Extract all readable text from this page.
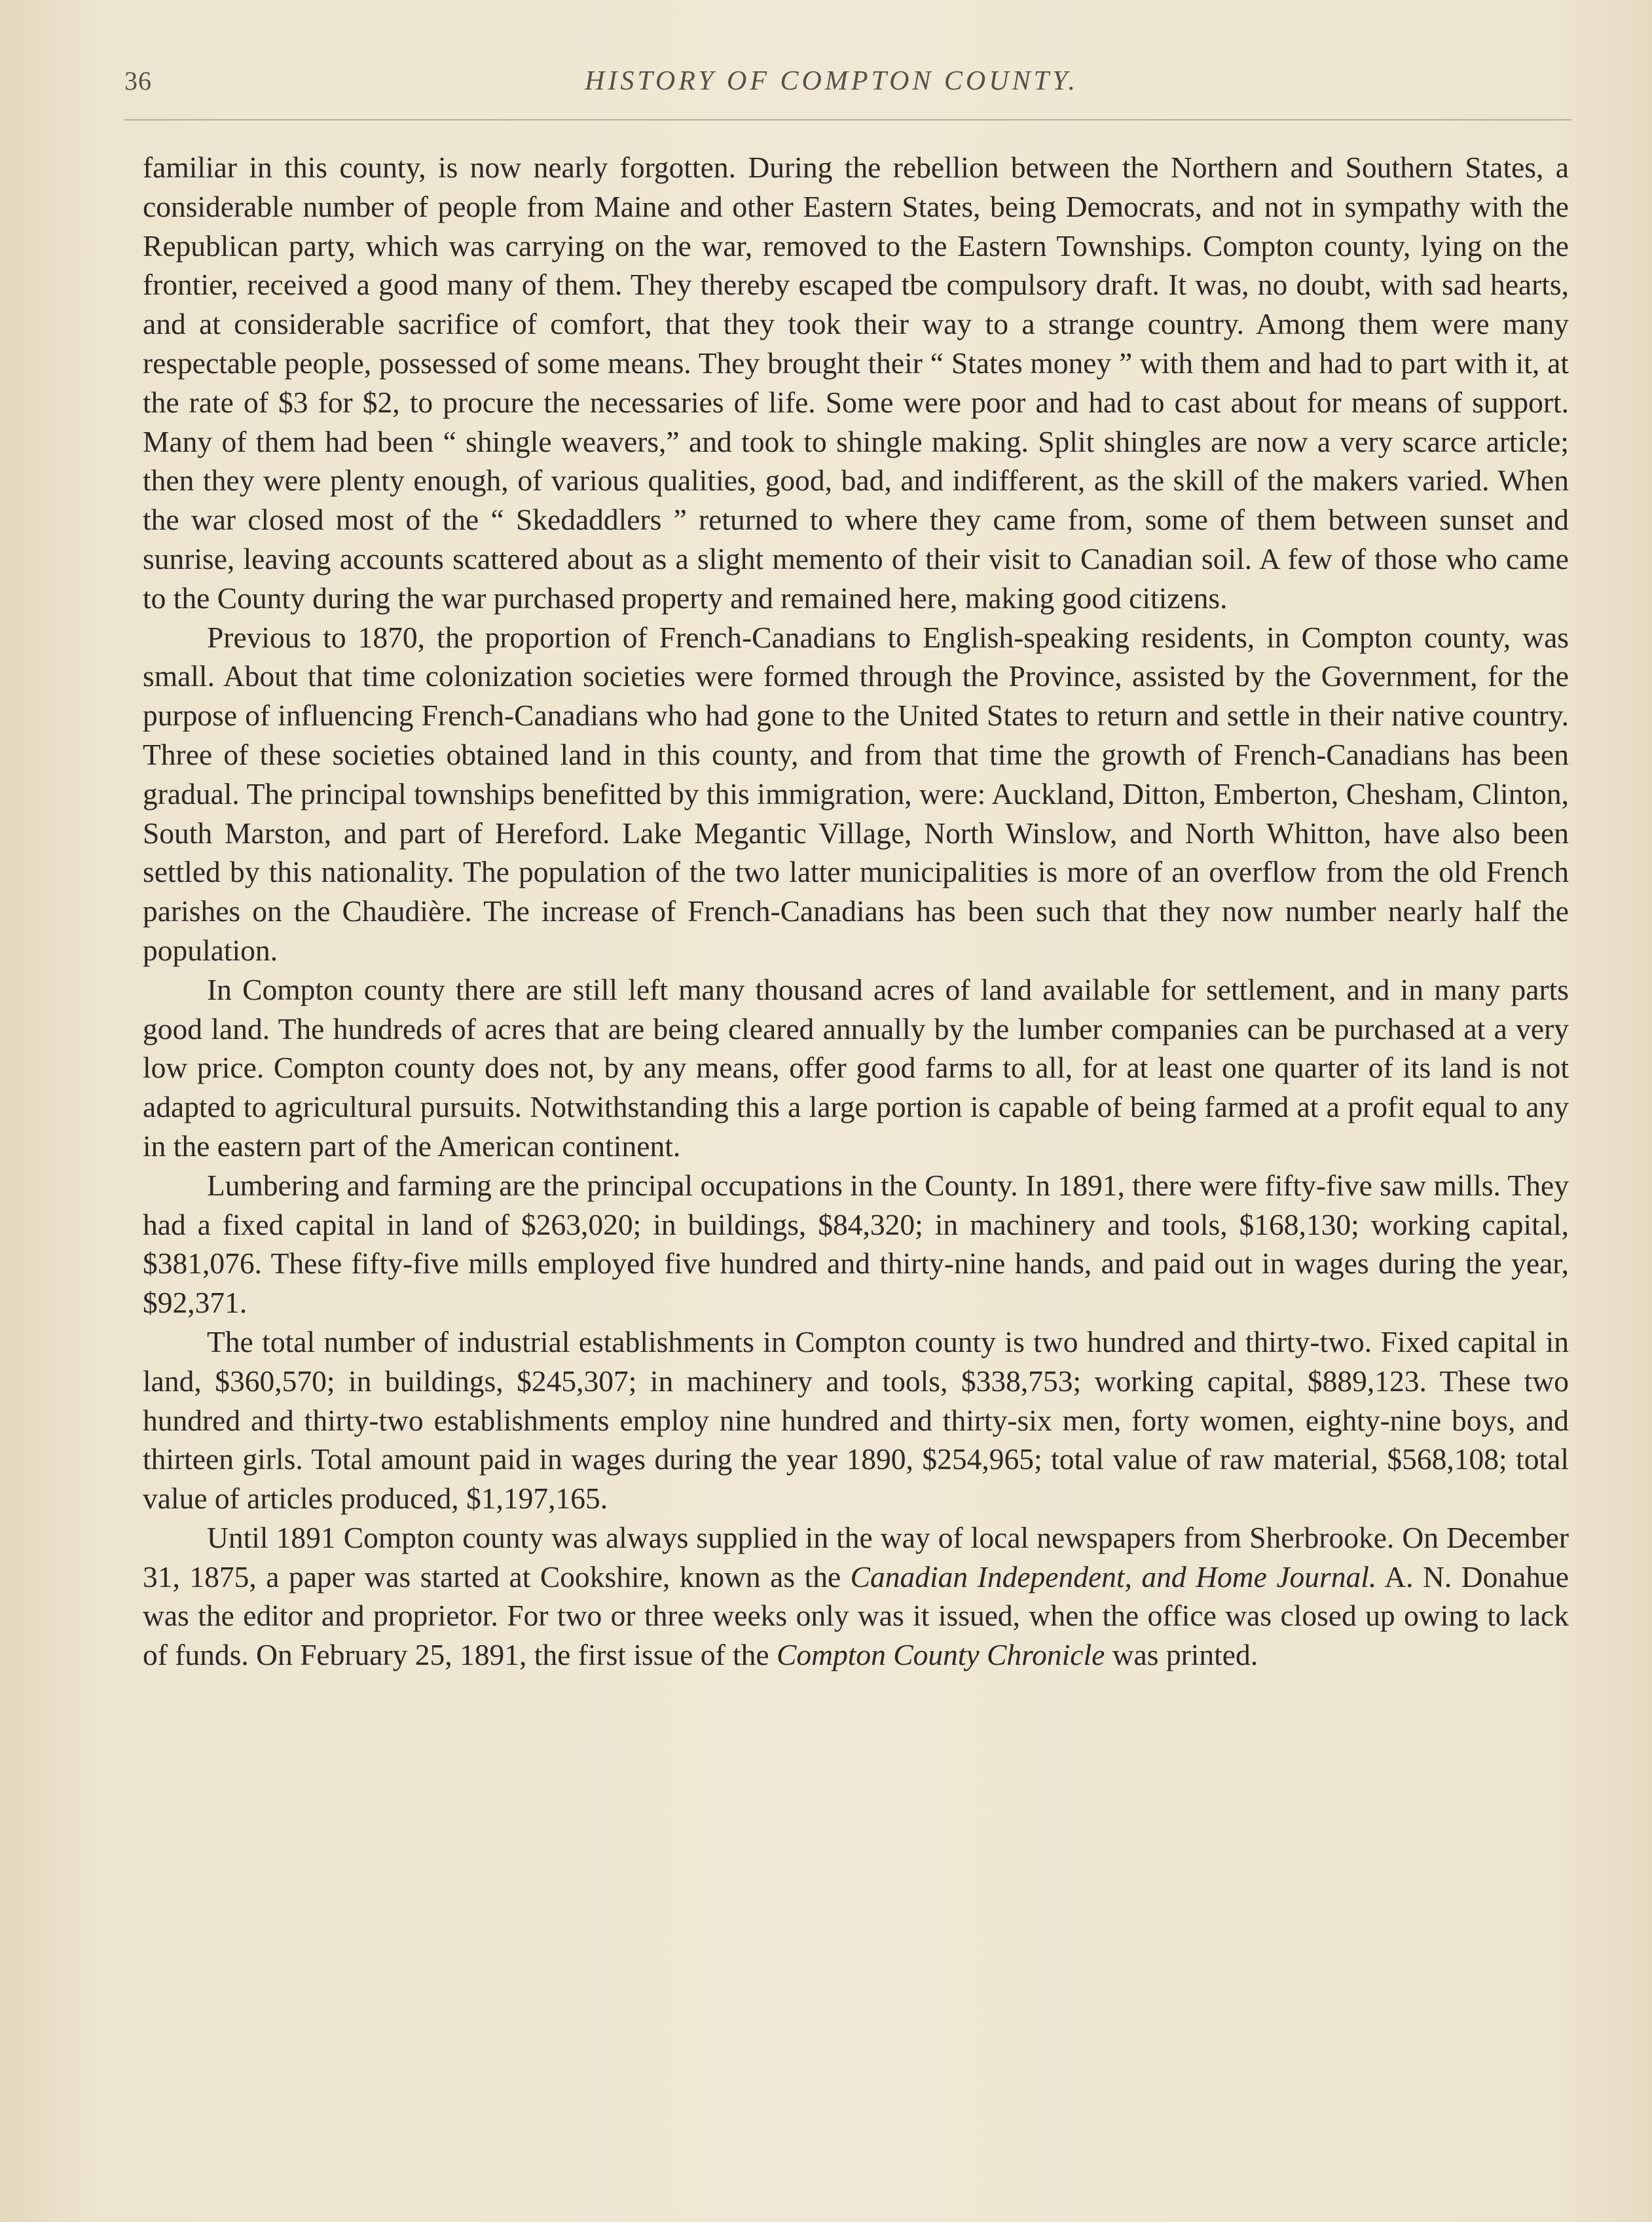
36	HISTORY OF COMPTON COUNTY.

familiar in this county, is now nearly forgotten. During the rebellion between the Northern and Southern States, a considerable number of people from Maine and other Eastern States, being Democrats, and not in sympathy with the Republican party, which was carrying on the war, removed to the Eastern Townships. Compton county, lying on the frontier, received a good many of them. They thereby escaped tbe compulsory draft. It was, no doubt, with sad hearts, and at considerable sacrifice of comfort, that they took their way to a strange country. Among them were many respectable people, possessed of some means. They brought their “ States money ” with them and had to part with it, at the rate of $3 for $2, to procure the necessaries of life. Some were poor and had to cast about for means of support. Many of them had been “ shingle weavers,” and took to shingle making. Split shingles are now a very scarce article; then they were plenty enough, of various qualities, good, bad, and indifferent, as the skill of the makers varied. When the war closed most of the “ Skedaddlers ” returned to where they came from, some of them between sunset and sunrise, leaving accounts scattered about as a slight memento of their visit to Canadian soil. A few of those who came to the County during the war purchased property and remained here, making good citizens.

Previous to 1870, the proportion of French-Canadians to English-speaking residents, in Compton county, was small. About that time colonization societies were formed through the Province, assisted by the Government, for the purpose of influencing French-Canadians who had gone to the United States to return and settle in their native country. Three of these societies obtained land in this county, and from that time the growth of French-Canadians has been gradual. The principal townships benefitted by this immigration, were: Auckland, Ditton, Emberton, Chesham, Clinton, South Marston, and part of Hereford. Lake Megantic Village, North Winslow, and North Whitton, have also been settled by this nationality. The population of the two latter municipalities is more of an overflow from the old French parishes on the Chaudière. The increase of French-Canadians has been such that they now number nearly half the population.

In Compton county there are still left many thousand acres of land available for settlement, and in many parts good land. The hundreds of acres that are being cleared annually by the lumber companies can be purchased at a very low price. Compton county does not, by any means, offer good farms to all, for at least one quarter of its land is not adapted to agricultural pursuits. Notwithstanding this a large portion is capable of being farmed at a profit equal to any in the eastern part of the American continent.

Lumbering and farming are the principal occupations in the County. In 1891, there were fifty-five saw mills. They had a fixed capital in land of $263,020; in buildings, $84,320; in machinery and tools, $168,130; working capital, $381,076. These fifty-five mills employed five hundred and thirty-nine hands, and paid out in wages during the year, $92,371.

The total number of industrial establishments in Compton county is two hundred and thirty-two. Fixed capital in land, $360,570; in buildings, $245,307; in machinery and tools, $338,753; working capital, $889,123. These two hundred and thirty-two establishments employ nine hundred and thirty-six men, forty women, eighty-nine boys, and thirteen girls. Total amount paid in wages during the year 1890, $254,965; total value of raw material, $568,108; total value of articles produced, $1,197,165.

Until 1891 Compton county was always supplied in the way of local newspapers from Sherbrooke. On December 31, 1875, a paper was started at Cookshire, known as the Canadian Independent, and Home Journal. A. N. Donahue was the editor and proprietor. For two or three weeks only was it issued, when the office was closed up owing to lack of funds. On February 25, 1891, the first issue of the Compton County Chronicle was printed.
